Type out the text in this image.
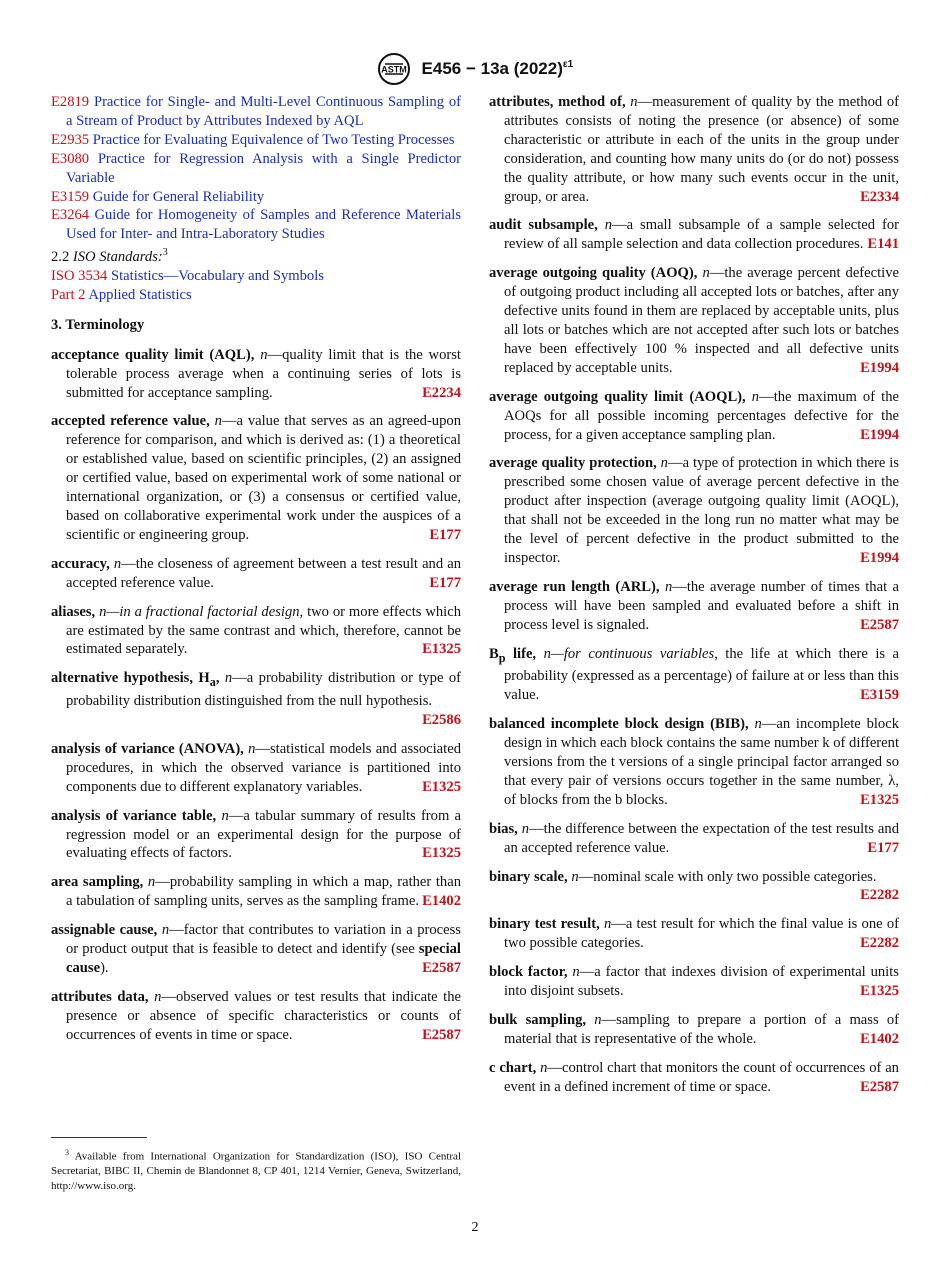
ASTM E456 − 13a $(2022)^{\varepsilon 1}$

E2819 Practice for Single- and Multi-Level Continuous Sampling of a Stream of Product by Attributes Indexed by AQL

E2935 Practice for Evaluating Equivalence of Two Testing Processes

E3080 Practice for Regression Analysis with a Single Predictor Variable

E3159 Guide for General Reliability

E3264 Guide for Homogeneity of Samples and Reference Materials Used for Inter- and Intra-Laboratory Studies

2.2 ISO Standards:$^3$

ISO 3534 Statistics—Vocabulary and Symbols

Part 2 Applied Statistics

3. Terminology

acceptance quality limit (AQL), n—quality limit that is the worst tolerable process average when a continuing series of lots is submitted for acceptance sampling.	E2234

accepted reference value, n—a value that serves as an agreed-upon reference for comparison, and which is derived as: (1) a theoretical or established value, based on scientific principles, (2) an assigned or certified value, based on experimental work of some national or international organization, or (3) a consensus or certified value, based on collaborative experimental work under the auspices of a scientific or engineering group.	E177

accuracy, n—the closeness of agreement between a test result and an accepted reference value.	E177

aliases, n—in a fractional factorial design, two or more effects which are estimated by the same contrast and which, therefore, cannot be estimated separately.	E1325

alternative hypothesis, $H_a$, n—a probability distribution or type of probability distribution distinguished from the null hypothesis.
E2586

analysis of variance (ANOVA), n—statistical models and associated procedures, in which the observed variance is partitioned into components due to different explanatory variables.	E1325

analysis of variance table, n—a tabular summary of results from a regression model or an experimental design for the purpose of evaluating effects of factors.	E1325

area sampling, n—probability sampling in which a map, rather than a tabulation of sampling units, serves as the sampling frame. E1402

assignable cause, n—factor that contributes to variation in a process or product output that is feasible to detect and identify (see special cause).	E2587

attributes data, n—observed values or test results that indicate the presence or absence of specific characteristics or counts of occurrences of events in time or space.	E2587

attributes, method of, n—measurement of quality by the method of attributes consists of noting the presence (or absence) of some characteristic or attribute in each of the units in the group under consideration, and counting how many units do (or do not) possess the quality attribute, or how many such events occur in the unit, group, or area.	E2334

audit subsample, n—a small subsample of a sample selected for review of all sample selection and data collection procedures. E141

average outgoing quality (AOQ), n—the average percent defective of outgoing product including all accepted lots or batches, after any defective units found in them are replaced by acceptable units, plus all lots or batches which are not accepted after such lots or batches have been effectively 100 % inspected and all defective units replaced by acceptable units.	E1994

average outgoing quality limit (AOQL), n—the maximum of the AOQs for all possible incoming percentages defective for the process, for a given acceptance sampling plan.	E1994

average quality protection, n—a type of protection in which there is prescribed some chosen value of average percent defective in the product after inspection (average outgoing quality limit (AOQL), that shall not be exceeded in the long run no matter what may be the level of percent defective in the product submitted to the inspector.	E1994

average run length (ARL), n—the average number of times that a process will have been sampled and evaluated before a shift in process level is signaled.	E2587

$B_p$ life, n—for continuous variables, the life at which there is a probability (expressed as a percentage) of failure at or less than this value.	E3159

balanced incomplete block design (BIB), n—an incomplete block design in which each block contains the same number k of different versions from the t versions of a single principal factor arranged so that every pair of versions occurs together in the same number, λ, of blocks from the b blocks.	E1325

bias, n—the difference between the expectation of the test results and an accepted reference value.	E177

binary scale, n—nominal scale with only two possible categories.
E2282

binary test result, n—a test result for which the final value is one of two possible categories.	E2282

block factor, n—a factor that indexes division of experimental units into disjoint subsets.	E1325

bulk sampling, n—sampling to prepare a portion of a mass of material that is representative of the whole.	E1402

c chart, n—control chart that monitors the count of occurrences of an event in a defined increment of time or space.	E2587

$^3$ Available from International Organization for Standardization (ISO), ISO Central Secretariat, BIBC II, Chemin de Blandonnet 8, CP 401, 1214 Vernier, Geneva, Switzerland, http://www.iso.org.
2
